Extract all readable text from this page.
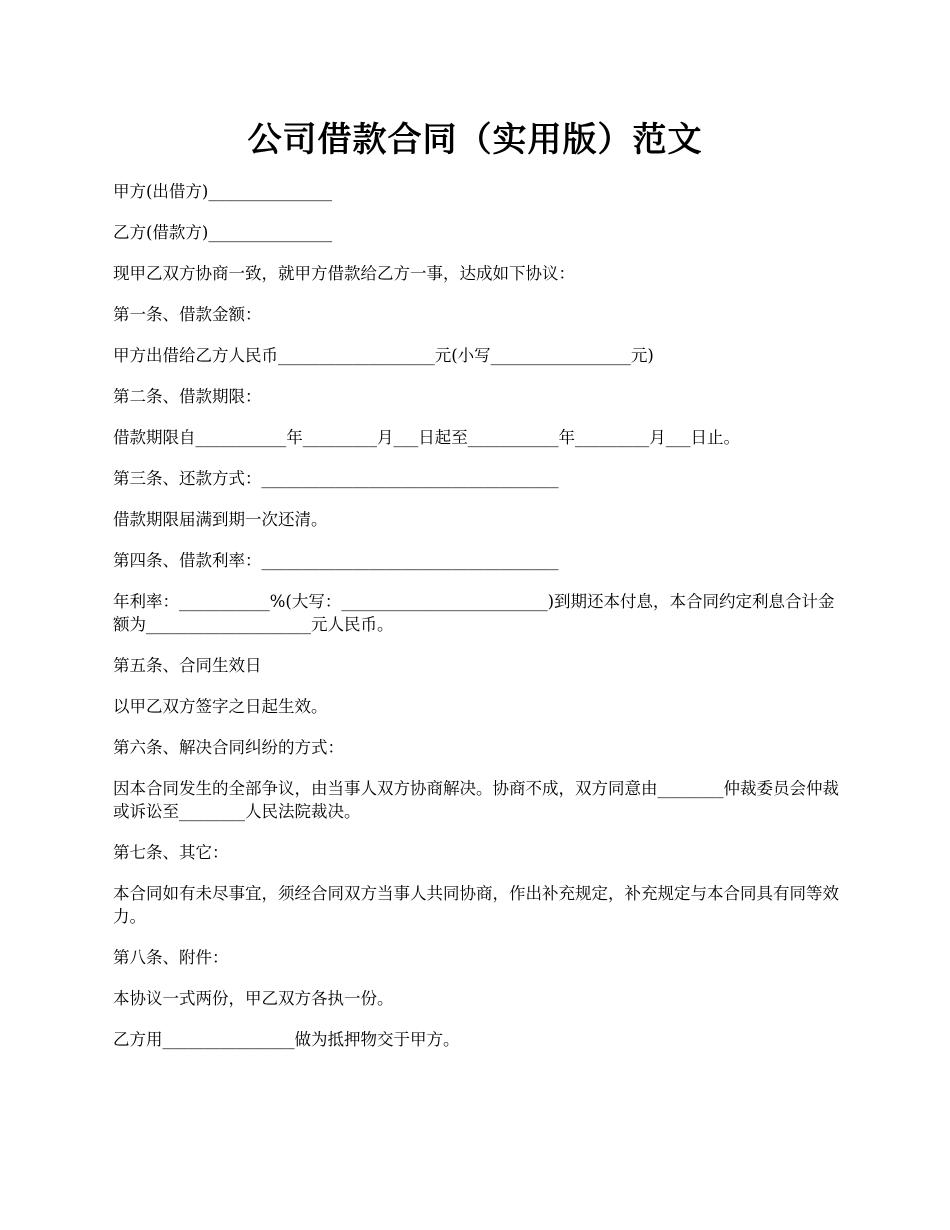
公司借款合同（实用版）范文

甲方(出借方)_______________

乙方(借款方)_______________

现甲乙双方协商一致，就甲方借款给乙方一事，达成如下协议：

第一条、借款金额：

甲方出借给乙方人民币___________________元(小写_________________元)

第二条、借款期限：

借款期限自___________年_________月___日起至___________年_________月___日止。

第三条、还款方式：____________________________________

借款期限届满到期一次还清。

第四条、借款利率：____________________________________

年利率：___________%(大写：_________________________)到期还本付息，本合同约定利息合计金额为____________________元人民币。

第五条、合同生效日

以甲乙双方签字之日起生效。

第六条、解决合同纠纷的方式：

因本合同发生的全部争议，由当事人双方协商解决。协商不成，双方同意由________仲裁委员会仲裁或诉讼至________人民法院裁决。

第七条、其它：

本合同如有未尽事宜，须经合同双方当事人共同协商，作出补充规定，补充规定与本合同具有同等效力。

第八条、附件：

本协议一式两份，甲乙双方各执一份。

乙方用________________做为抵押物交于甲方。
